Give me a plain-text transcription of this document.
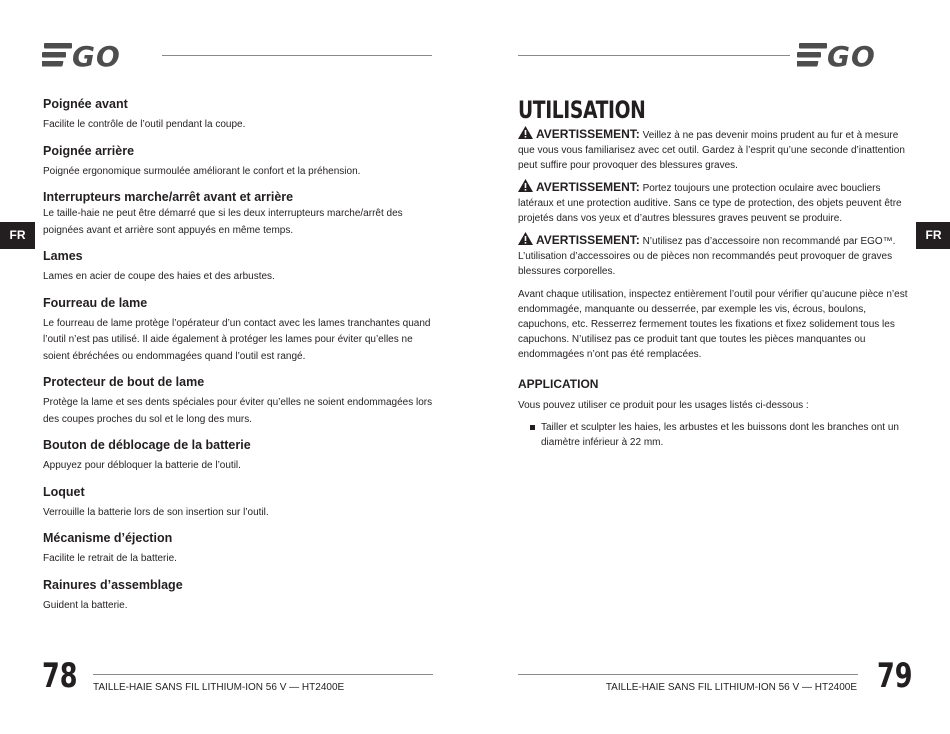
GO
FR
Poignée avant

Facilite le contrôle de l’outil pendant la coupe.

Poignée arrière

Poignée ergonomique surmoulée améliorant le confort et la préhension.

Interrupteurs marche/arrêt avant et arrière

Le taille-haie ne peut être démarré que si les deux interrupteurs marche/arrêt des poignées avant et arrière sont appuyés en même temps.

Lames

Lames en acier de coupe des haies et des arbustes.

Fourreau de lame

Le fourreau de lame protège l’opérateur d’un contact avec les lames tranchantes quand l’outil n’est pas utilisé. Il aide également à protéger les lames pour éviter qu’elles ne soient ébréchées ou endommagées quand l’outil est rangé.

Protecteur de bout de lame

Protège la lame et ses dents spéciales pour éviter qu’elles ne soient endommagées lors des coupes proches du sol et le long des murs.

Bouton de déblocage de la batterie

Appuyez pour débloquer la batterie de l’outil.

Loquet

Verrouille la batterie lors de son insertion sur l’outil.

Mécanisme d’éjection

Facilite le retrait de la batterie.

Rainures d’assemblage

Guident la batterie.

78 TAILLE-HAIE SANS FIL LITHIUM-ION 56 V — HT2400E
GO
FR
UTILISATION
AVERTISSEMENT: Veillez à ne pas devenir moins prudent au fur et à mesure que vous vous familiarisez avec cet outil. Gardez à l’esprit qu’une seconde d’inattention peut suffire pour provoquer des blessures graves.
AVERTISSEMENT: Portez toujours une protection oculaire avec boucliers latéraux et une protection auditive. Sans ce type de protection, des objets peuvent être projetés dans vos yeux et d’autres blessures graves peuvent se produire.
AVERTISSEMENT: N’utilisez pas d’accessoire non recommandé par EGO™. L’utilisation d’accessoires ou de pièces non recommandés peut provoquer de graves blessures corporelles.

Avant chaque utilisation, inspectez entièrement l’outil pour vérifier qu’aucune pièce n’est endommagée, manquante ou desserrée, par exemple les vis, écrous, boulons, capuchons, etc. Resserrez fermement toutes les fixations et fixez solidement tous les capuchons. N’utilisez pas ce produit tant que toutes les pièces manquantes ou endommagées n’ont pas été remplacées.

APPLICATION

Vous pouvez utiliser ce produit pour les usages listés ci-dessous :

Tailler et sculpter les haies, les arbustes et les buissons dont les branches ont un diamètre inférieur à 22 mm.
TAILLE-HAIE SANS FIL LITHIUM-ION 56 V — HT2400E 79
